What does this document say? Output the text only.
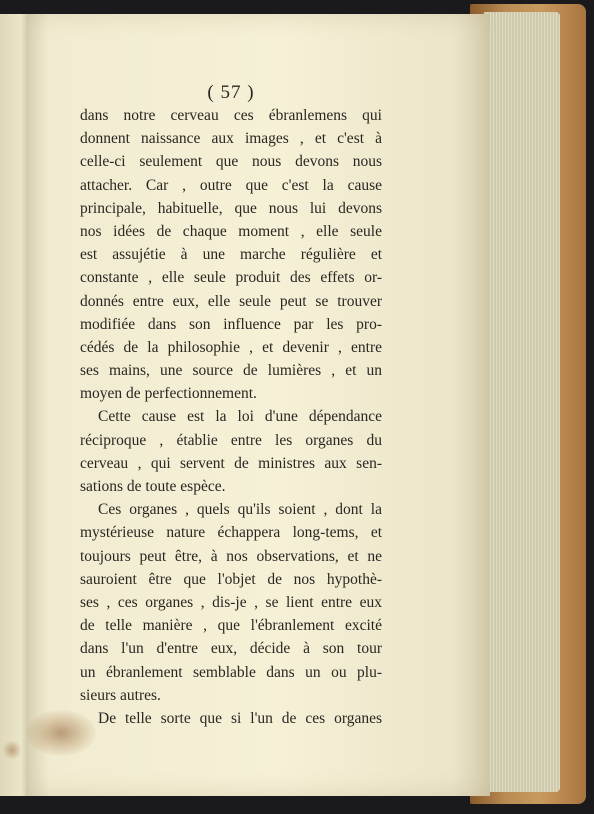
( 57 )
dans notre cerveau ces ébranlemens qui
donnent naissance aux images , et c'est à
celle-ci seulement que nous devons nous
attacher. Car , outre que c'est la cause
principale, habituelle, que nous lui devons
nos idées de chaque moment , elle seule
est assujétie à une marche régulière et
constante , elle seule produit des effets or-
donnés entre eux, elle seule peut se trouver
modifiée dans son influence par les pro-
cédés de la philosophie , et devenir , entre
ses mains, une source de lumières , et un
moyen de perfectionnement.
Cette cause est la loi d'une dépendance
réciproque , établie entre les organes du
cerveau , qui servent de ministres aux sen-
sations de toute espèce.
Ces organes , quels qu'ils soient , dont la
mystérieuse nature échappera long-tems, et
toujours peut être, à nos observations, et ne
sauroient être que l'objet de nos hypothè-
ses , ces organes , dis-je , se lient entre eux
de telle manière , que l'ébranlement excité
dans l'un d'entre eux, décide à son tour
un ébranlement semblable dans un ou plu-
sieurs autres.
De telle sorte que si l'un de ces organes
